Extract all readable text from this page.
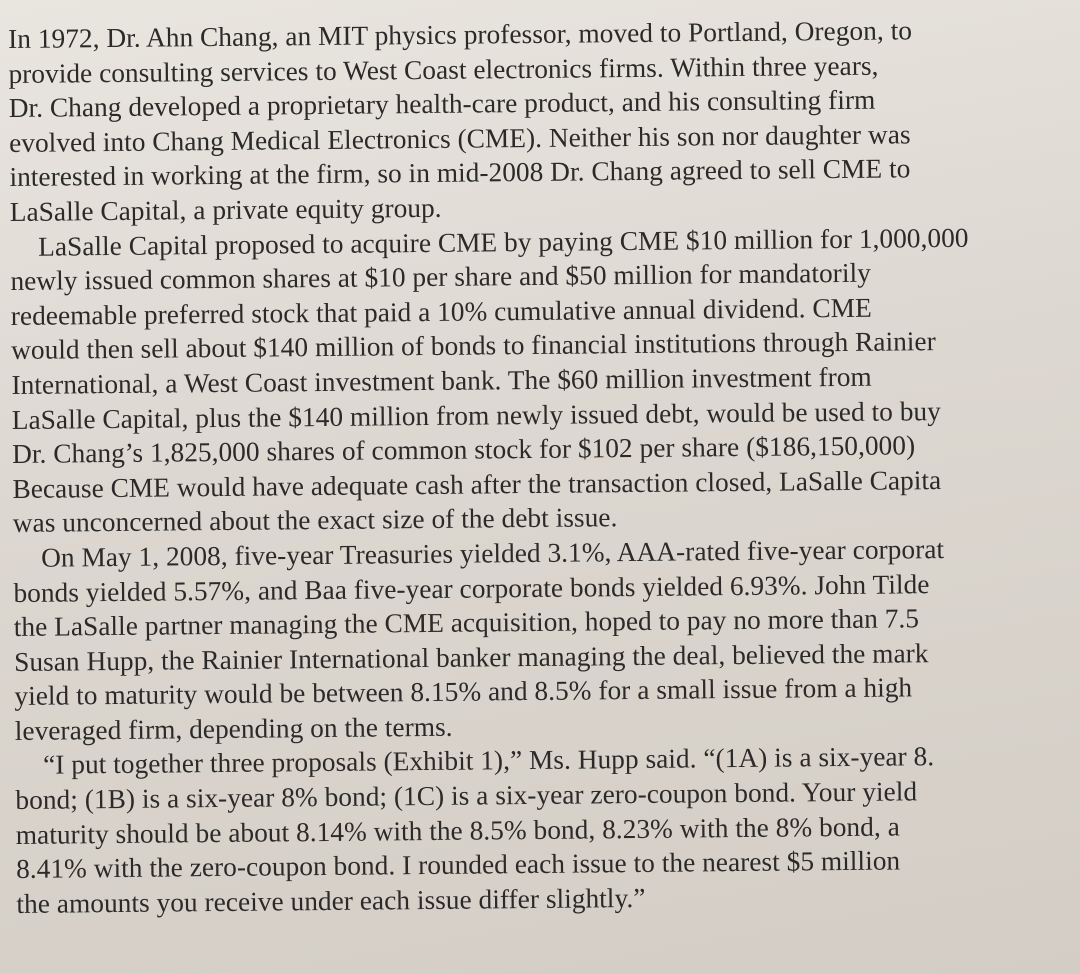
In 1972, Dr. Ahn Chang, an MIT physics professor, moved to Portland, Oregon, to
provide consulting services to West Coast electronics firms. Within three years,
Dr. Chang developed a proprietary health-care product, and his consulting firm
evolved into Chang Medical Electronics (CME). Neither his son nor daughter was
interested in working at the firm, so in mid-2008 Dr. Chang agreed to sell CME to
LaSalle Capital, a private equity group.
LaSalle Capital proposed to acquire CME by paying CME $10 million for 1,000,000
newly issued common shares at $10 per share and $50 million for mandatorily
redeemable preferred stock that paid a 10% cumulative annual dividend. CME
would then sell about $140 million of bonds to financial institutions through Rainier
International, a West Coast investment bank. The $60 million investment from
LaSalle Capital, plus the $140 million from newly issued debt, would be used to buy
Dr. Chang’s 1,825,000 shares of common stock for $102 per share ($186,150,000)
Because CME would have adequate cash after the transaction closed, LaSalle Capita
was unconcerned about the exact size of the debt issue.
On May 1, 2008, five-year Treasuries yielded 3.1%, AAA-rated five-year corporat
bonds yielded 5.57%, and Baa five-year corporate bonds yielded 6.93%. John Tilde
the LaSalle partner managing the CME acquisition, hoped to pay no more than 7.5
Susan Hupp, the Rainier International banker managing the deal, believed the mark
yield to maturity would be between 8.15% and 8.5% for a small issue from a high
leveraged firm, depending on the terms.
“I put together three proposals (Exhibit 1),” Ms. Hupp said. “(1A) is a six-year 8.
bond; (1B) is a six-year 8% bond; (1C) is a six-year zero-coupon bond. Your yield
maturity should be about 8.14% with the 8.5% bond, 8.23% with the 8% bond, a
8.41% with the zero-coupon bond. I rounded each issue to the nearest $5 million
the amounts you receive under each issue differ slightly.”
